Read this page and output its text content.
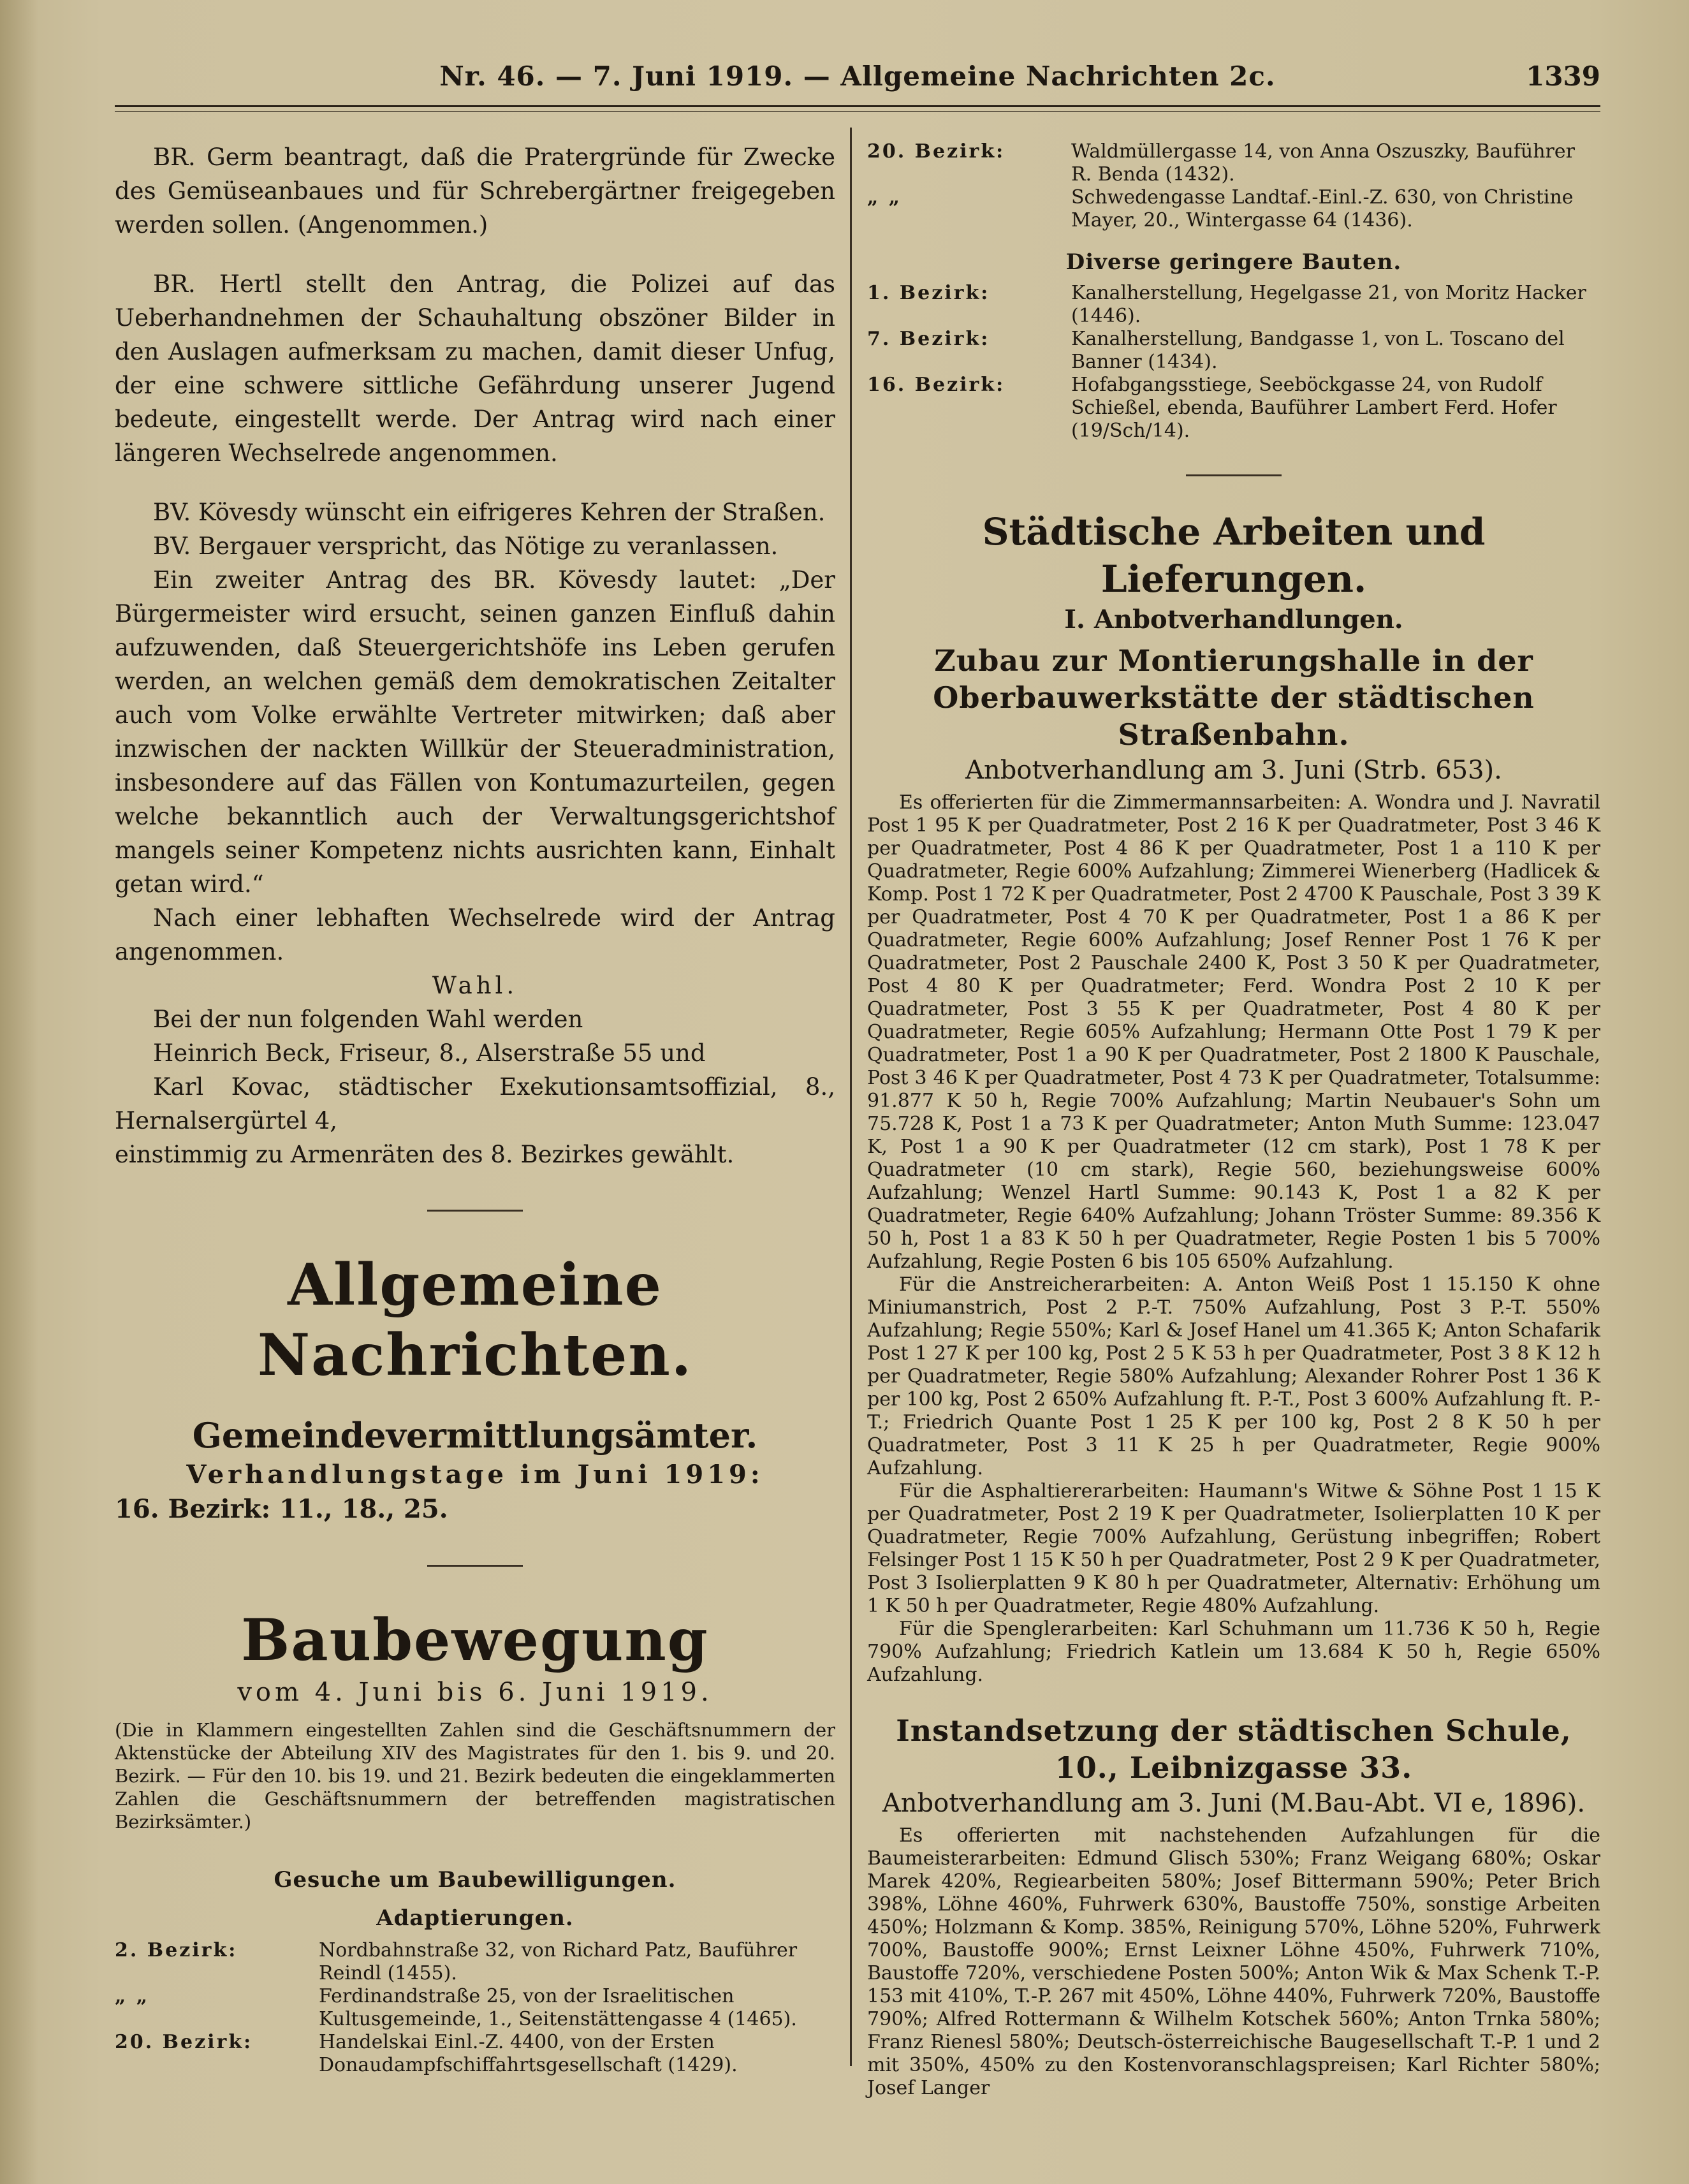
Nr. 46. — 7. Juni 1919. — Allgemeine Nachrichten 2c.	1339

BR. Germ beantragt, daß die Pratergründe für Zwecke des Gemüseanbaues und für Schrebergärtner freigegeben werden sollen. (Angenommen.)

BR. Hertl stellt den Antrag, die Polizei auf das Ueberhandnehmen der Schauhaltung obszöner Bilder in den Auslagen aufmerksam zu machen, damit dieser Unfug, der eine schwere sittliche Gefährdung unserer Jugend bedeute, eingestellt werde. Der Antrag wird nach einer längeren Wechselrede angenommen.

BV. Kövesdy wünscht ein eifrigeres Kehren der Straßen.

BV. Bergauer verspricht, das Nötige zu veranlassen.

Ein zweiter Antrag des BR. Kövesdy lautet: „Der Bürgermeister wird ersucht, seinen ganzen Einfluß dahin aufzuwenden, daß Steuergerichtshöfe ins Leben gerufen werden, an welchen gemäß dem demokratischen Zeitalter auch vom Volke erwählte Vertreter mitwirken; daß aber inzwischen der nackten Willkür der Steueradministration, insbesondere auf das Fällen von Kontumazurteilen, gegen welche bekanntlich auch der Verwaltungsgerichtshof mangels seiner Kompetenz nichts ausrichten kann, Einhalt getan wird.“

Nach einer lebhaften Wechselrede wird der Antrag angenommen.

Wahl.

Bei der nun folgenden Wahl werden

Heinrich Beck, Friseur, 8., Alserstraße 55 und

Karl Kovac, städtischer Exekutionsamtsoffizial, 8., Hernalsergürtel 4,

einstimmig zu Armenräten des 8. Bezirkes gewählt.

Allgemeine Nachrichten.
Gemeindevermittlungsämter.

Verhandlungstage im Juni 1919:

16. Bezirk: 11., 18., 25.

Baubewegung

vom 4. Juni bis 6. Juni 1919.

(Die in Klammern eingestellten Zahlen sind die Geschäftsnummern der Aktenstücke der Abteilung XIV des Magistrates für den 1. bis 9. und 20. Bezirk. — Für den 10. bis 19. und 21. Bezirk bedeuten die eingeklammerten Zahlen die Geschäftsnummern der betreffenden magistratischen Bezirksämter.)

Gesuche um Baubewilligungen.

Adaptierungen.

2. Bezirk:	Nordbahnstraße 32, von Richard Patz, Bauführer Reindl (1455).
„ „	Ferdinandstraße 25, von der Israelitischen Kultusgemeinde, 1., Seitenstättengasse 4 (1465).
20. Bezirk:	Handelskai Einl.-Z. 4400, von der Ersten Donaudampfschiffahrtsgesellschaft (1429).
20. Bezirk:	Waldmüllergasse 14, von Anna Oszuszky, Bauführer R. Benda (1432).
„ „	Schwedengasse Landtaf.-Einl.-Z. 630, von Christine Mayer, 20., Wintergasse 64 (1436).

Diverse geringere Bauten.

1. Bezirk:	Kanalherstellung, Hegelgasse 21, von Moritz Hacker (1446).
7. Bezirk:	Kanalherstellung, Bandgasse 1, von L. Toscano del Banner (1434).
16. Bezirk:	Hofabgangsstiege, Seeböckgasse 24, von Rudolf Schießel, ebenda, Bauführer Lambert Ferd. Hofer (19/Sch/14).
Städtische Arbeiten und Lieferungen.

I. Anbotverhandlungen.

Zubau zur Montierungshalle in der Oberbauwerkstätte der städtischen Straßenbahn.

Anbotverhandlung am 3. Juni (Strb. 653).

Es offerierten für die Zimmermannsarbeiten: A. Wondra und J. Navratil Post 1 95 K per Quadratmeter, Post 2 16 K per Quadratmeter, Post 3 46 K per Quadratmeter, Post 4 86 K per Quadratmeter, Post 1 a 110 K per Quadratmeter, Regie 600% Aufzahlung; Zimmerei Wienerberg (Hadlicek & Komp. Post 1 72 K per Quadratmeter, Post 2 4700 K Pauschale, Post 3 39 K per Quadratmeter, Post 4 70 K per Quadratmeter, Post 1 a 86 K per Quadratmeter, Regie 600% Aufzahlung; Josef Renner Post 1 76 K per Quadratmeter, Post 2 Pauschale 2400 K, Post 3 50 K per Quadratmeter, Post 4 80 K per Quadratmeter; Ferd. Wondra Post 2 10 K per Quadratmeter, Post 3 55 K per Quadratmeter, Post 4 80 K per Quadratmeter, Regie 605% Aufzahlung; Hermann Otte Post 1 79 K per Quadratmeter, Post 1 a 90 K per Quadratmeter, Post 2 1800 K Pauschale, Post 3 46 K per Quadratmeter, Post 4 73 K per Quadratmeter, Totalsumme: 91.877 K 50 h, Regie 700% Aufzahlung; Martin Neubauer's Sohn um 75.728 K, Post 1 a 73 K per Quadratmeter; Anton Muth Summe: 123.047 K, Post 1 a 90 K per Quadratmeter (12 cm stark), Post 1 78 K per Quadratmeter (10 cm stark), Regie 560, beziehungsweise 600% Aufzahlung; Wenzel Hartl Summe: 90.143 K, Post 1 a 82 K per Quadratmeter, Regie 640% Aufzahlung; Johann Tröster Summe: 89.356 K 50 h, Post 1 a 83 K 50 h per Quadratmeter, Regie Posten 1 bis 5 700% Aufzahlung, Regie Posten 6 bis 105 650% Aufzahlung.

Für die Anstreicherarbeiten: A. Anton Weiß Post 1 15.150 K ohne Miniumanstrich, Post 2 P.-T. 750% Aufzahlung, Post 3 P.-T. 550% Aufzahlung; Regie 550%; Karl & Josef Hanel um 41.365 K; Anton Schafarik Post 1 27 K per 100 kg, Post 2 5 K 53 h per Quadratmeter, Post 3 8 K 12 h per Quadratmeter, Regie 580% Aufzahlung; Alexander Rohrer Post 1 36 K per 100 kg, Post 2 650% Aufzahlung ft. P.-T., Post 3 600% Aufzahlung ft. P.-T.; Friedrich Quante Post 1 25 K per 100 kg, Post 2 8 K 50 h per Quadratmeter, Post 3 11 K 25 h per Quadratmeter, Regie 900% Aufzahlung.

Für die Asphaltiererarbeiten: Haumann's Witwe & Söhne Post 1 15 K per Quadratmeter, Post 2 19 K per Quadratmeter, Isolierplatten 10 K per Quadratmeter, Regie 700% Aufzahlung, Gerüstung inbegriffen; Robert Felsinger Post 1 15 K 50 h per Quadratmeter, Post 2 9 K per Quadratmeter, Post 3 Isolierplatten 9 K 80 h per Quadratmeter, Alternativ: Erhöhung um 1 K 50 h per Quadratmeter, Regie 480% Aufzahlung.

Für die Spenglerarbeiten: Karl Schuhmann um 11.736 K 50 h, Regie 790% Aufzahlung; Friedrich Katlein um 13.684 K 50 h, Regie 650% Aufzahlung.

Instandsetzung der städtischen Schule, 10., Leibnizgasse 33.

Anbotverhandlung am 3. Juni (M.Bau-Abt. VI e, 1896).

Es offerierten mit nachstehenden Aufzahlungen für die Baumeisterarbeiten: Edmund Glisch 530%; Franz Weigang 680%; Oskar Marek 420%, Regiearbeiten 580%; Josef Bittermann 590%; Peter Brich 398%, Löhne 460%, Fuhrwerk 630%, Baustoffe 750%, sonstige Arbeiten 450%; Holzmann & Komp. 385%, Reinigung 570%, Löhne 520%, Fuhrwerk 700%, Baustoffe 900%; Ernst Leixner Löhne 450%, Fuhrwerk 710%, Baustoffe 720%, verschiedene Posten 500%; Anton Wik & Max Schenk T.-P. 153 mit 410%, T.-P. 267 mit 450%, Löhne 440%, Fuhrwerk 720%, Baustoffe 790%; Alfred Rottermann & Wilhelm Kotschek 560%; Anton Trnka 580%; Franz Rienesl 580%; Deutsch-österreichische Baugesellschaft T.-P. 1 und 2 mit 350%, 450% zu den Kostenvoranschlagspreisen; Karl Richter 580%; Josef Langer
